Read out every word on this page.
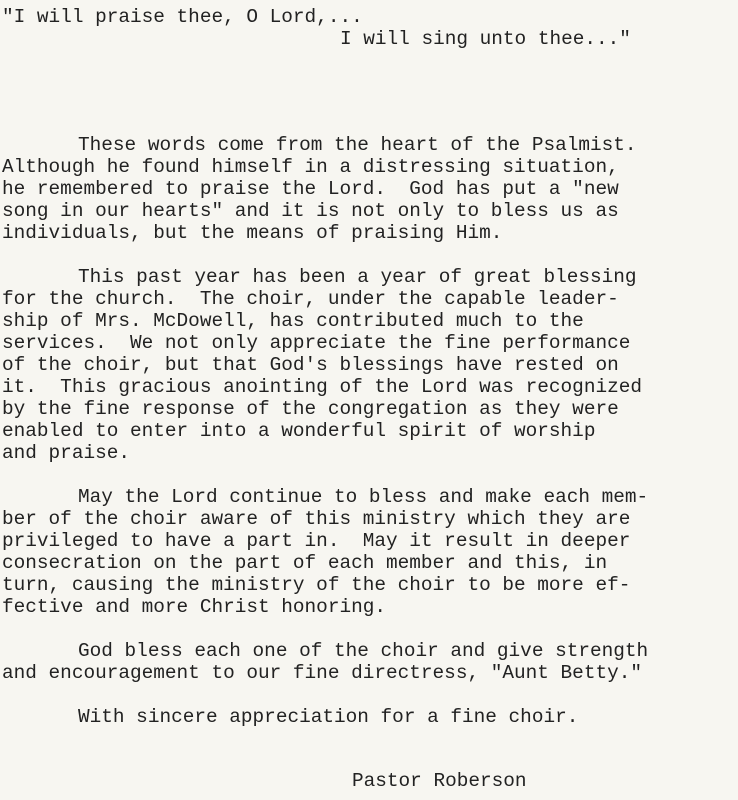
"I will praise thee, O Lord,...
I will sing unto thee..."
These words come from the heart of the Psalmist.
Although he found himself in a distressing situation,
he remembered to praise the Lord.  God has put a "new
song in our hearts" and it is not only to bless us as
individuals, but the means of praising Him.
This past year has been a year of great blessing
for the church.  The choir, under the capable leader-
ship of Mrs. McDowell, has contributed much to the
services.  We not only appreciate the fine performance
of the choir, but that God's blessings have rested on
it.  This gracious anointing of the Lord was recognized
by the fine response of the congregation as they were
enabled to enter into a wonderful spirit of worship
and praise.
May the Lord continue to bless and make each mem-
ber of the choir aware of this ministry which they are
privileged to have a part in.  May it result in deeper
consecration on the part of each member and this, in
turn, causing the ministry of the choir to be more ef-
fective and more Christ honoring.
God bless each one of the choir and give strength
and encouragement to our fine directress, "Aunt Betty."
With sincere appreciation for a fine choir.
Pastor Roberson
